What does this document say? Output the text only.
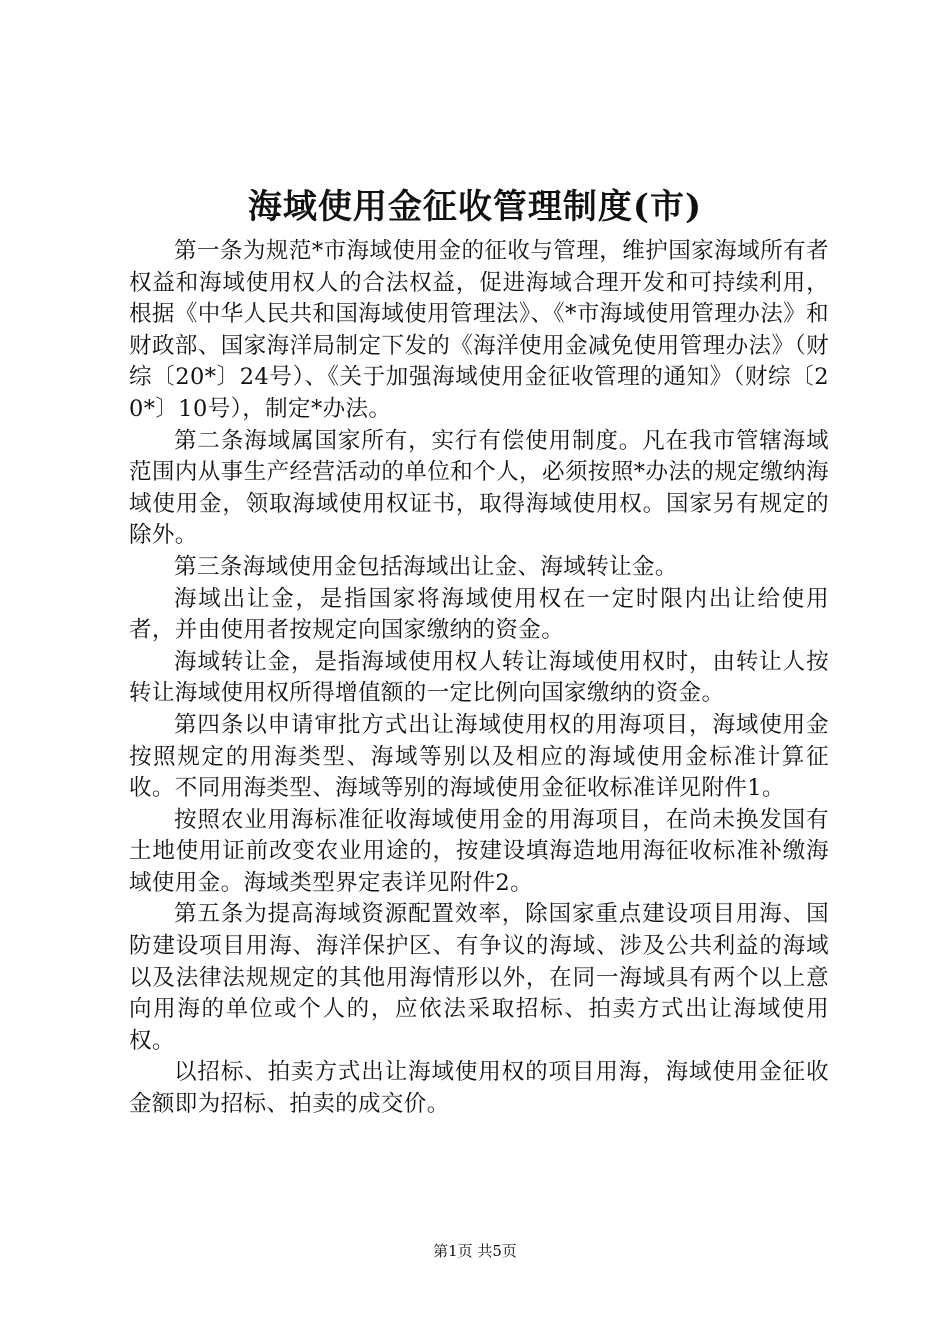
海域使用金征收管理制度(市)

第一条为规范*市海域使用金的征收与管理，维护国家海域所有者权益和海域使用权人的合法权益，促进海域合理开发和可持续利用，根据《中华人民共和国海域使用管理法》、《*市海域使用管理办法》和财政部、国家海洋局制定下发的《海洋使用金减免使用管理办法》（财综〔20*〕24号）、《关于加强海域使用金征收管理的通知》（财综〔20*〕10号），制定*办法。

第二条海域属国家所有，实行有偿使用制度。凡在我市管辖海域范围内从事生产经营活动的单位和个人，必须按照*办法的规定缴纳海域使用金，领取海域使用权证书，取得海域使用权。国家另有规定的除外。

第三条海域使用金包括海域出让金、海域转让金。

海域出让金，是指国家将海域使用权在一定时限内出让给使用者，并由使用者按规定向国家缴纳的资金。

海域转让金，是指海域使用权人转让海域使用权时，由转让人按转让海域使用权所得增值额的一定比例向国家缴纳的资金。

第四条以申请审批方式出让海域使用权的用海项目，海域使用金按照规定的用海类型、海域等别以及相应的海域使用金标准计算征收。不同用海类型、海域等别的海域使用金征收标准详见附件1。

按照农业用海标准征收海域使用金的用海项目，在尚未换发国有土地使用证前改变农业用途的，按建设填海造地用海征收标准补缴海域使用金。海域类型界定表详见附件2。

第五条为提高海域资源配置效率，除国家重点建设项目用海、国防建设项目用海、海洋保护区、有争议的海域、涉及公共利益的海域以及法律法规规定的其他用海情形以外，在同一海域具有两个以上意向用海的单位或个人的，应依法采取招标、拍卖方式出让海域使用权。

以招标、拍卖方式出让海域使用权的项目用海，海域使用金征收金额即为招标、拍卖的成交价。

第1页 共5页
